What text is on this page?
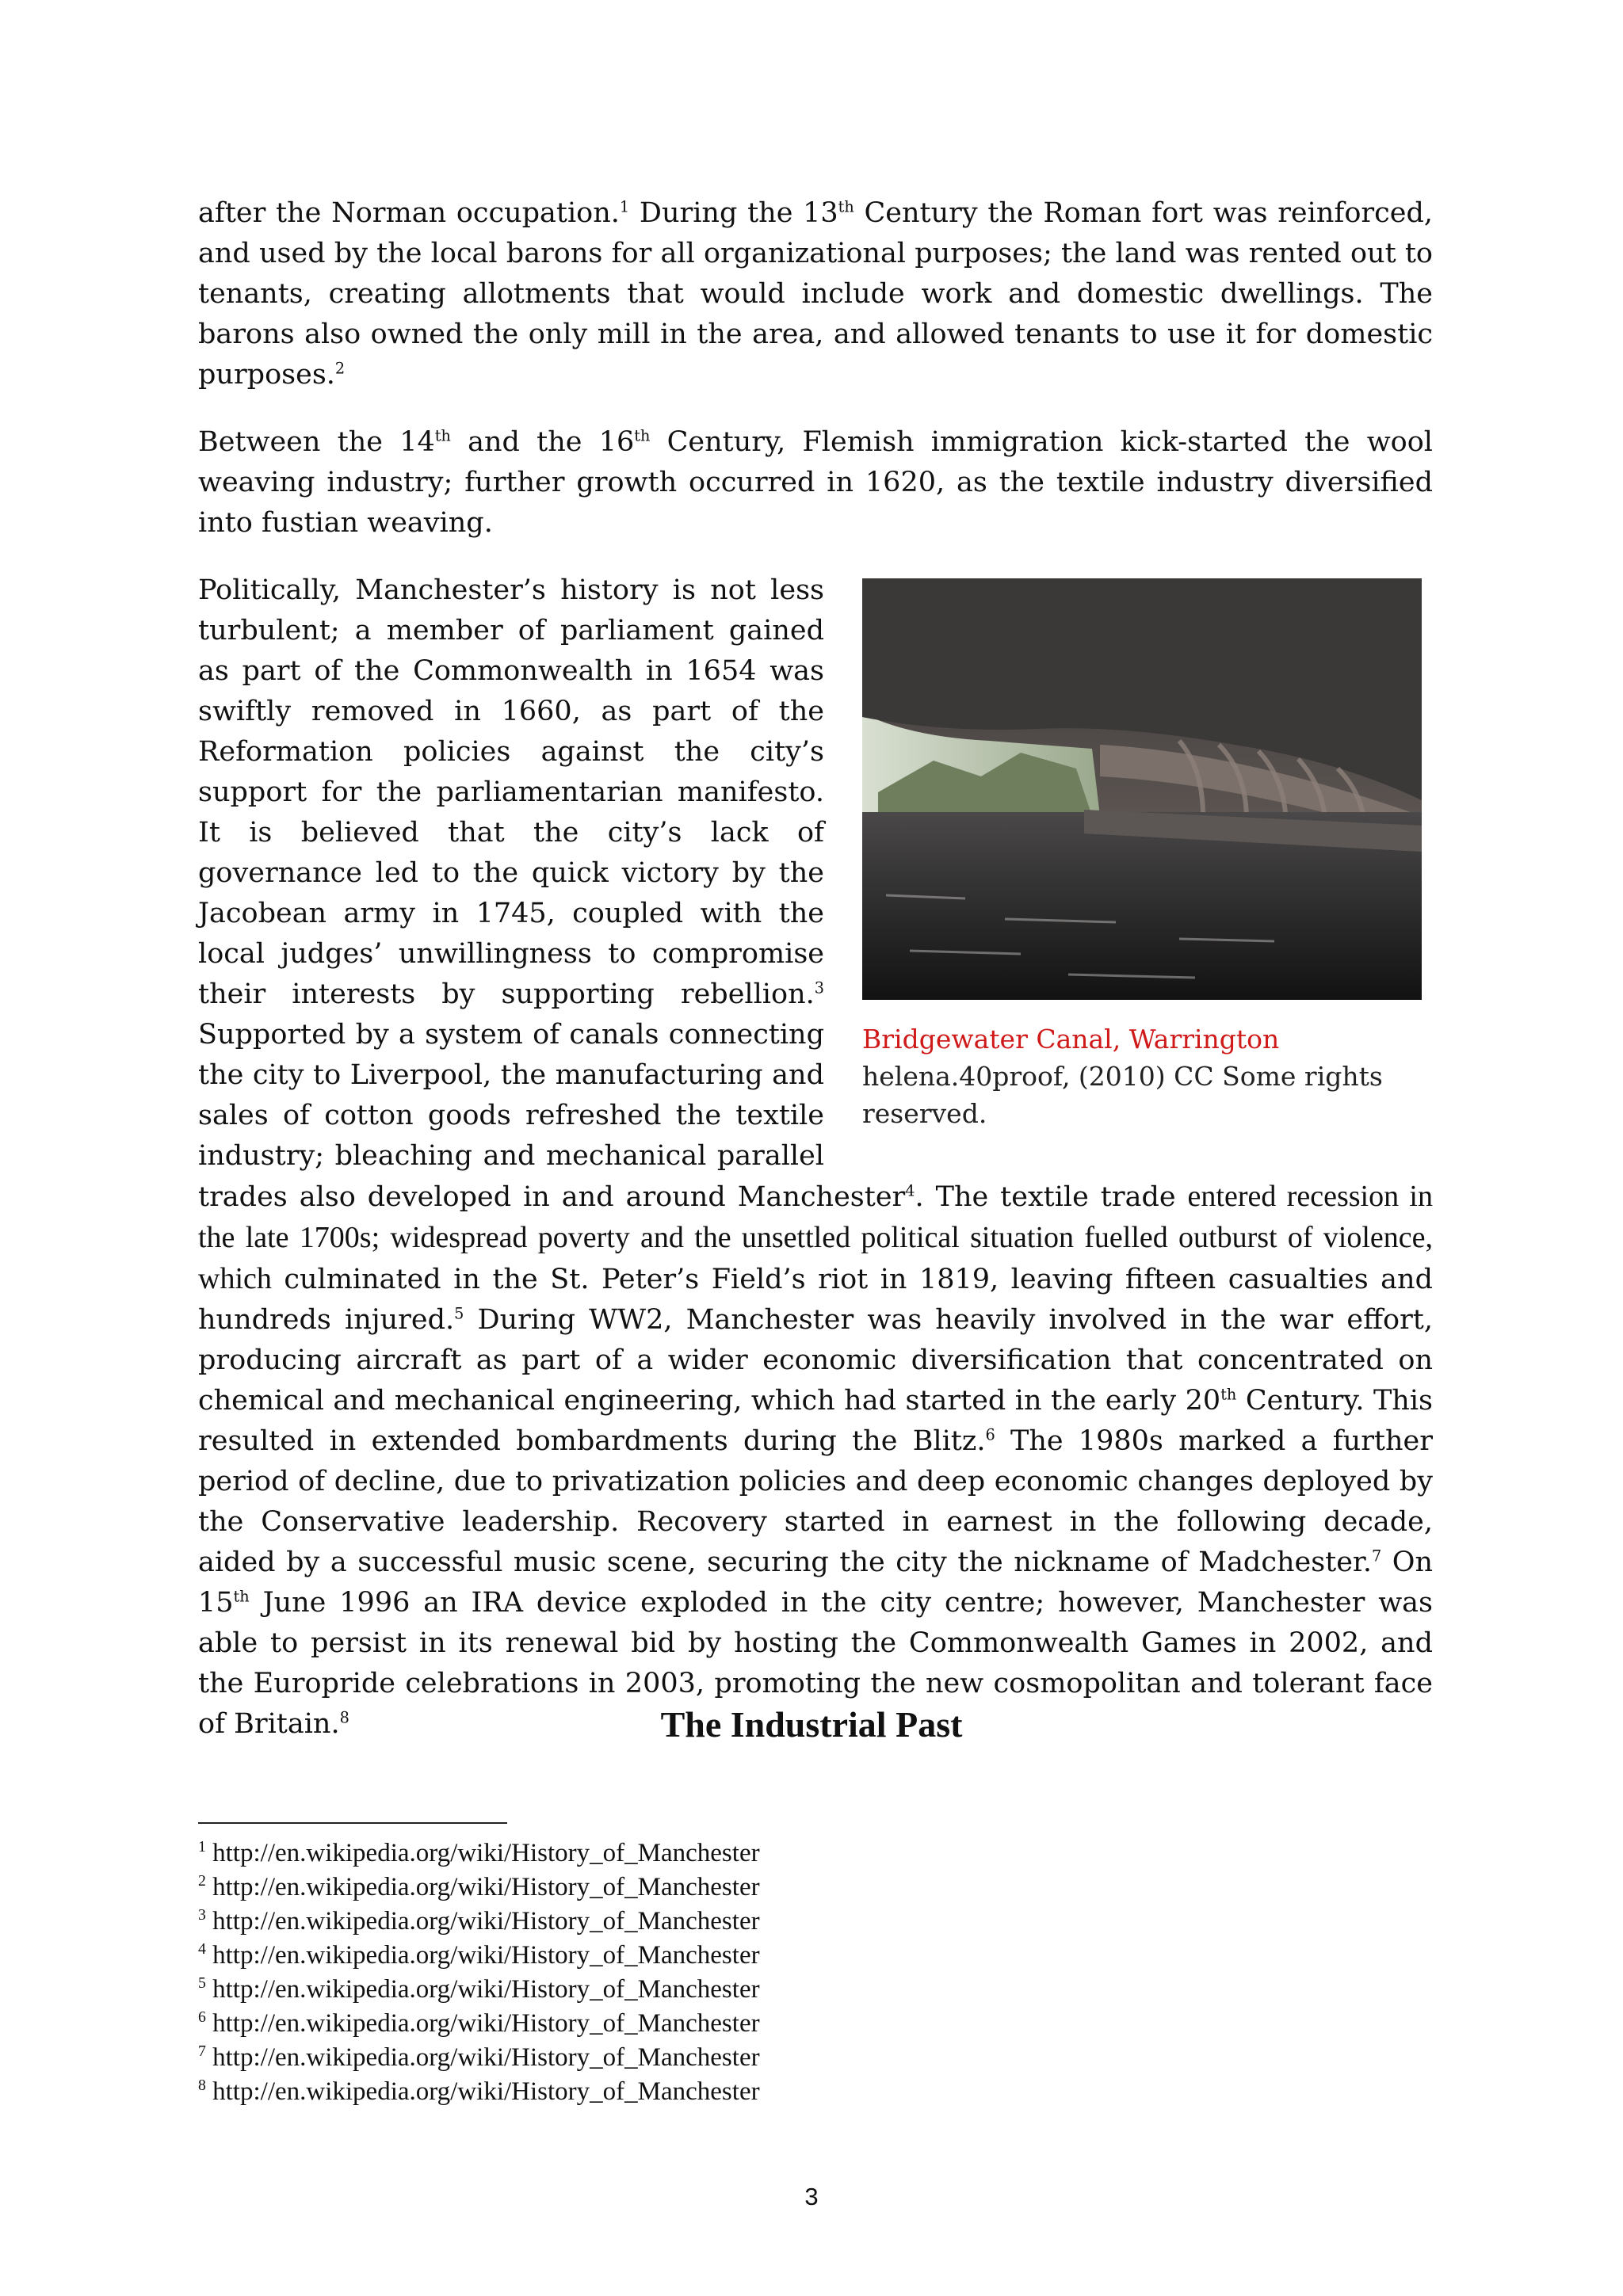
after the Norman occupation.$^1$ During the 13th Century the Roman fort was reinforced, and used by the local barons for all organizational purposes; the land was rented out to tenants, creating allotments that would include work and domestic dwellings. The barons also owned the only mill in the area, and allowed tenants to use it for domestic purposes.$^2$

Between the 14th and the 16th Century, Flemish immigration kick-started the wool weaving industry; further growth occurred in 1620, as the textile industry diversified into fustian weaving.

Bridgewater Canal, Warrington
helena.40proof, (2010) CC Some rights reserved.

Politically, Manchester’s history is not less turbulent; a member of parliament gained as part of the Commonwealth in 1654 was swiftly removed in 1660, as part of the Reformation policies against the city’s support for the parliamentarian manifesto. It is believed that the city’s lack of governance led to the quick victory by the Jacobean army in 1745, coupled with the local judges’ unwillingness to compromise their interests by supporting rebellion.$^3$ Supported by a system of canals connecting the city to Liverpool, the manufacturing and sales of cotton goods refreshed the textile industry; bleaching and mechanical parallel trades also developed in and around Manchester$^4$. The textile trade entered recession in the late 1700s; widespread poverty and the unsettled political situation fuelled outburst of violence, which culminated in the St. Peter’s Field’s riot in 1819, leaving fifteen casualties and hundreds injured.$^5$ During WW2, Manchester was heavily involved in the war effort, producing aircraft as part of a wider economic diversification that concentrated on chemical and mechanical engineering, which had started in the early 20th Century. This resulted in extended bombardments during the Blitz.$^6$ The 1980s marked a further period of decline, due to privatization policies and deep economic changes deployed by the Conservative leadership. Recovery started in earnest in the following decade, aided by a successful music scene, securing the city the nickname of Madchester.$^7$ On 15th June 1996 an IRA device exploded in the city centre; however, Manchester was able to persist in its renewal bid by hosting the Commonwealth Games in 2002, and the Europride celebrations in 2003, promoting the new cosmopolitan and tolerant face of Britain.$^8$	The Industrial Past
$^1$ http://en.wikipedia.org/wiki/History_of_Manchester
$^2$ http://en.wikipedia.org/wiki/History_of_Manchester
$^3$ http://en.wikipedia.org/wiki/History_of_Manchester
$^4$ http://en.wikipedia.org/wiki/History_of_Manchester
$^5$ http://en.wikipedia.org/wiki/History_of_Manchester
$^6$ http://en.wikipedia.org/wiki/History_of_Manchester
$^7$ http://en.wikipedia.org/wiki/History_of_Manchester
$^8$ http://en.wikipedia.org/wiki/History_of_Manchester
3
